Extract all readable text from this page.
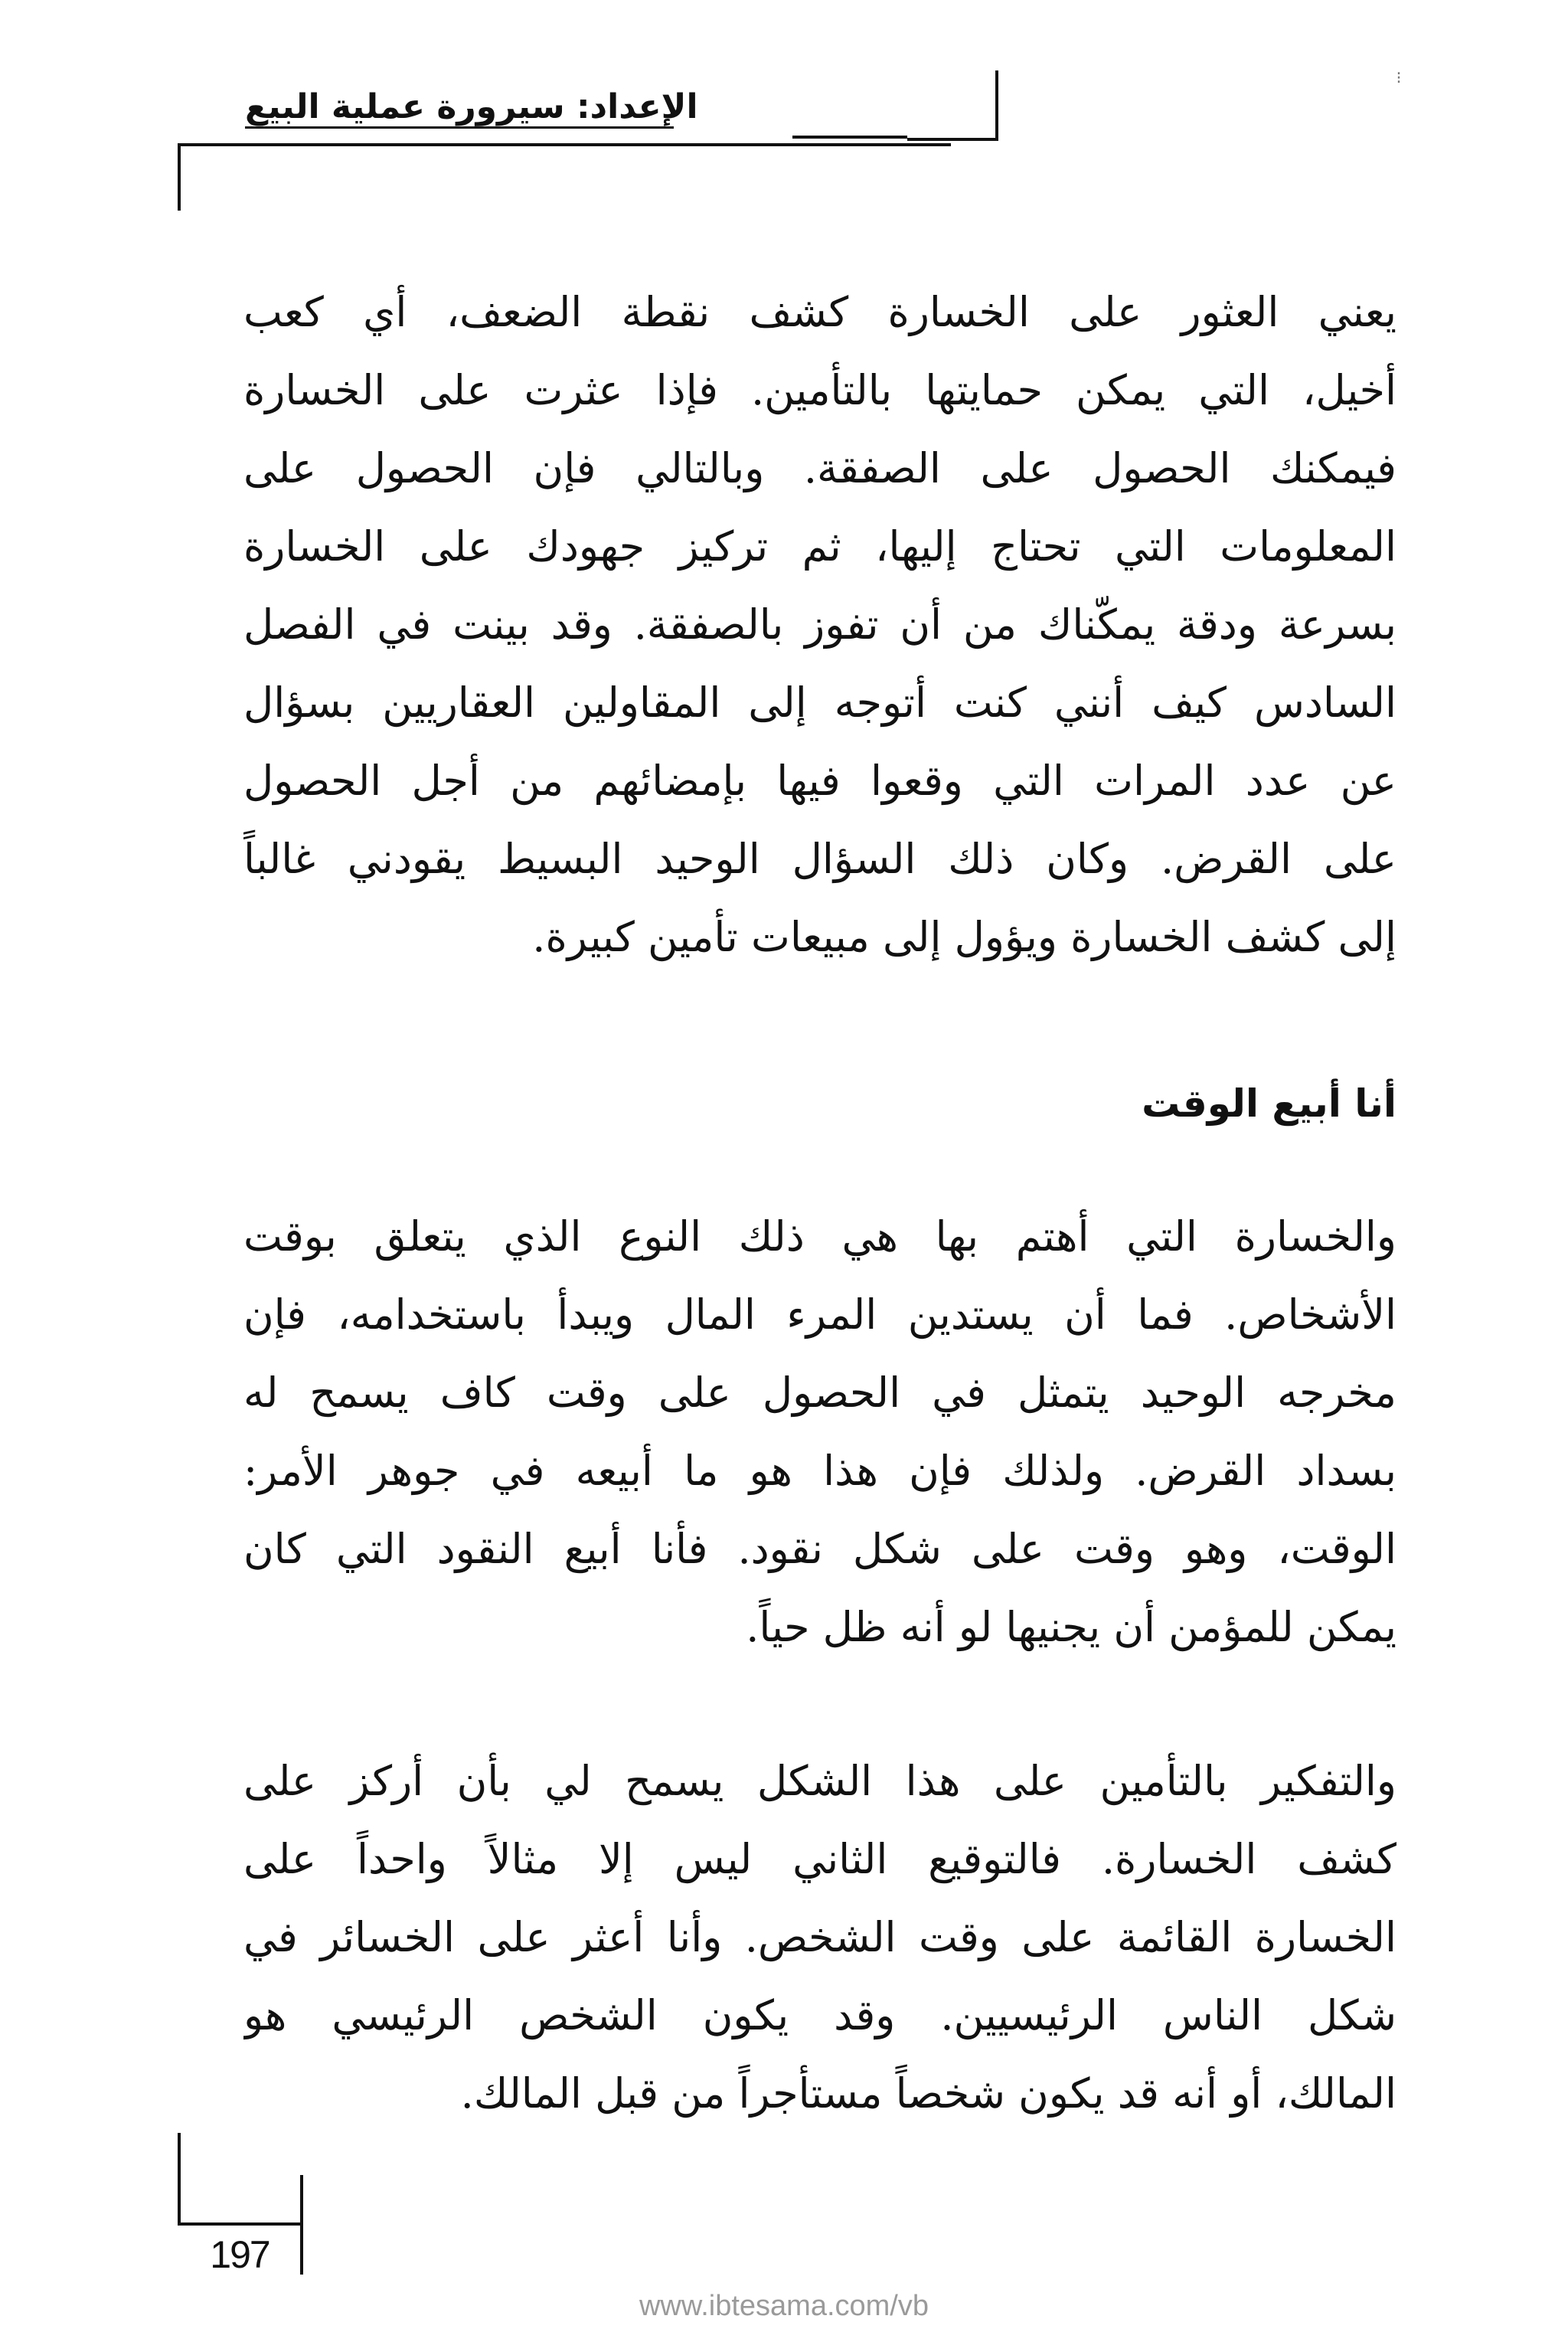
الإعداد: سيرورة عملية البيع
⁝
يعني العثور على الخسارة كشف نقطة الضعف، أي كعب
أخيل، التي يمكن حمايتها بالتأمين. فإذا عثرت على الخسارة
فيمكنك الحصول على الصفقة. وبالتالي فإن الحصول على
المعلومات التي تحتاج إليها، ثم تركيز جهودك على الخسارة
بسرعة ودقة يمكّناك من أن تفوز بالصفقة. وقد بينت في الفصل
السادس كيف أنني كنت أتوجه إلى المقاولين العقاريين بسؤال
عن عدد المرات التي وقعوا فيها بإمضائهم من أجل الحصول
على القرض. وكان ذلك السؤال الوحيد البسيط يقودني غالباً
إلى كشف الخسارة ويؤول إلى مبيعات تأمين كبيرة.
أنا أبيع الوقت
والخسارة التي أهتم بها هي ذلك النوع الذي يتعلق بوقت
الأشخاص. فما أن يستدين المرء المال ويبدأ باستخدامه، فإن
مخرجه الوحيد يتمثل في الحصول على وقت كاف يسمح له
بسداد القرض. ولذلك فإن هذا هو ما أبيعه في جوهر الأمر:
الوقت، وهو وقت على شكل نقود. فأنا أبيع النقود التي كان
يمكن للمؤمن أن يجنيها لو أنه ظل حياً.
والتفكير بالتأمين على هذا الشكل يسمح لي بأن أركز على
كشف الخسارة. فالتوقيع الثاني ليس إلا مثالاً واحداً على
الخسارة القائمة على وقت الشخص. وأنا أعثر على الخسائر في
شكل الناس الرئيسيين. وقد يكون الشخص الرئيسي هو
المالك، أو أنه قد يكون شخصاً مستأجراً من قبل المالك.
197
www.ibtesama.com/vb
